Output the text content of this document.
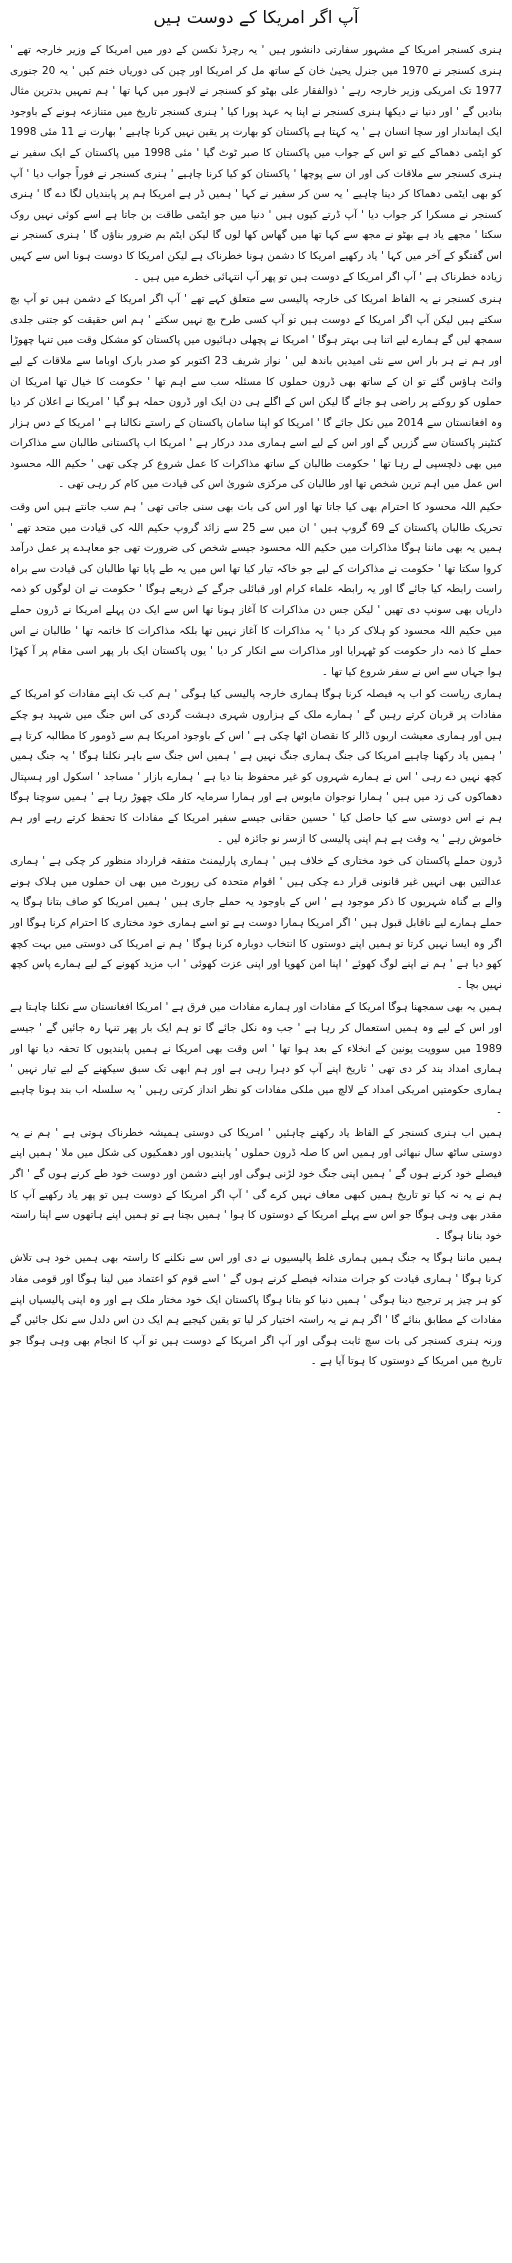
آپ اگر امریکا کے دوست ہیں

ہنری کسنجر امریکا کے مشہور سفارتی دانشور ہیں ' یہ رچرڈ نکسن کے دور میں امریکا کے وزیر خارجہ تھے ' ہنری کسنجر نے 1970 میں جنرل یحییٰ خان کے ساتھ مل کر امریکا اور چین کی دوریاں ختم کیں ' یہ 20 جنوری 1977 تک امریکی وزیر خارجہ رہے ' ذوالفقار علی بھٹو کو کسنجر نے لاہور میں کہا تھا ' ہم تمہیں بدترین مثال بنادیں گے ' اور دنیا نے دیکھا ہنری کسنجر نے اپنا یہ عہد پورا کیا ' ہنری کسنجر تاریخ میں متنازعہ ہونے کے باوجود ایک ایماندار اور سچا انسان ہے ' یہ کہتا ہے پاکستان کو بھارت پر یقین نہیں کرنا چاہیے ' بھارت نے 11 مئی 1998 کو ایٹمی دھماکے کیے تو اس کے جواب میں پاکستان کا صبر ٹوٹ گیا ' مئی 1998 میں پاکستان کے ایک سفیر نے ہنری کسنجر سے ملاقات کی اور ان سے پوچھا ' پاکستان کو کیا کرنا چاہیے ' ہنری کسنجر نے فوراً جواب دیا ' آپ کو بھی ایٹمی دھماکا کر دینا چاہیے ' یہ سن کر سفیر نے کہا ' ہمیں ڈر ہے امریکا ہم پر پابندیاں لگا دے گا ' ہنری کسنجر نے مسکرا کر جواب دیا ' آپ ڈرتے کیوں ہیں ' دنیا میں جو ایٹمی طاقت بن جاتا ہے اسے کوئی نہیں روک سکتا ' مجھے یاد ہے بھٹو نے مجھ سے کہا تھا میں گھاس کھا لوں گا لیکن ایٹم بم ضرور بناؤں گا ' ہنری کسنجر نے اس گفتگو کے آخر میں کہا ' یاد رکھیے امریکا کا دشمن ہونا خطرناک ہے لیکن امریکا کا دوست ہونا اس سے کہیں زیادہ خطرناک ہے ' آپ اگر امریکا کے دوست ہیں تو پھر آپ انتہائی خطرے میں ہیں ۔

ہنری کسنجر نے یہ الفاظ امریکا کی خارجہ پالیسی سے متعلق کہے تھے ' آپ اگر امریکا کے دشمن ہیں تو آپ بچ سکتے ہیں لیکن آپ اگر امریکا کے دوست ہیں تو آپ کسی طرح بچ نہیں سکتے ' ہم اس حقیقت کو جتنی جلدی سمجھ لیں گے ہمارے لیے اتنا ہی بہتر ہوگا ' امریکا نے پچھلی دہائیوں میں پاکستان کو مشکل وقت میں تنہا چھوڑا اور ہم نے ہر بار اس سے نئی امیدیں باندھ لیں ' نواز شریف 23 اکتوبر کو صدر بارک اوباما سے ملاقات کے لیے وائٹ ہاؤس گئے تو ان کے ساتھ بھی ڈرون حملوں کا مسئلہ سب سے اہم تھا ' حکومت کا خیال تھا امریکا ان حملوں کو روکنے پر راضی ہو جائے گا لیکن اس کے اگلے ہی دن ایک اور ڈرون حملہ ہو گیا ' امریکا نے اعلان کر دیا وہ افغانستان سے 2014 میں نکل جائے گا ' امریکا کو اپنا سامان پاکستان کے راستے نکالنا ہے ' امریکا کے دس ہزار کنٹینر پاکستان سے گزریں گے اور اس کے لیے اسے ہماری مدد درکار ہے ' امریکا اب پاکستانی طالبان سے مذاکرات میں بھی دلچسپی لے رہا تھا ' حکومت طالبان کے ساتھ مذاکرات کا عمل شروع کر چکی تھی ' حکیم اللہ محسود اس عمل میں اہم ترین شخص تھا اور طالبان کی مرکزی شوریٰ اس کی قیادت میں کام کر رہی تھی ۔

حکیم اللہ محسود کا احترام بھی کیا جاتا تھا اور اس کی بات بھی سنی جاتی تھی ' ہم سب جانتے ہیں اس وقت تحریک طالبان پاکستان کے 69 گروپ ہیں ' ان میں سے 25 سے زائد گروپ حکیم اللہ کی قیادت میں متحد تھے ' ہمیں یہ بھی ماننا ہوگا مذاکرات میں حکیم اللہ محسود جیسے شخص کی ضرورت تھی جو معاہدے پر عمل درآمد کروا سکتا تھا ' حکومت نے مذاکرات کے لیے جو خاکہ تیار کیا تھا اس میں یہ طے پایا تھا طالبان کی قیادت سے براہ راست رابطہ کیا جائے گا اور یہ رابطہ علماء کرام اور قبائلی جرگے کے ذریعے ہوگا ' حکومت نے ان لوگوں کو ذمہ داریاں بھی سونپ دی تھیں ' لیکن جس دن مذاکرات کا آغاز ہونا تھا اس سے ایک دن پہلے امریکا نے ڈرون حملے میں حکیم اللہ محسود کو ہلاک کر دیا ' یہ مذاکرات کا آغاز نہیں تھا بلکہ مذاکرات کا خاتمہ تھا ' طالبان نے اس حملے کا ذمہ دار حکومت کو ٹھہرایا اور مذاکرات سے انکار کر دیا ' یوں پاکستان ایک بار پھر اسی مقام پر آ کھڑا ہوا جہاں سے اس نے سفر شروع کیا تھا ۔

ہماری ریاست کو اب یہ فیصلہ کرنا ہوگا ہماری خارجہ پالیسی کیا ہوگی ' ہم کب تک اپنے مفادات کو امریکا کے مفادات پر قربان کرتے رہیں گے ' ہمارے ملک کے ہزاروں شہری دہشت گردی کی اس جنگ میں شہید ہو چکے ہیں اور ہماری معیشت اربوں ڈالر کا نقصان اٹھا چکی ہے ' اس کے باوجود امریکا ہم سے ڈومور کا مطالبہ کرتا ہے ' ہمیں یاد رکھنا چاہیے امریکا کی جنگ ہماری جنگ نہیں ہے ' ہمیں اس جنگ سے باہر نکلنا ہوگا ' یہ جنگ ہمیں کچھ نہیں دے رہی ' اس نے ہمارے شہروں کو غیر محفوظ بنا دیا ہے ' ہمارے بازار ' مساجد ' اسکول اور ہسپتال دھماکوں کی زد میں ہیں ' ہمارا نوجوان مایوس ہے اور ہمارا سرمایہ کار ملک چھوڑ رہا ہے ' ہمیں سوچنا ہوگا ہم نے اس دوستی سے کیا حاصل کیا ' حسین حقانی جیسے سفیر امریکا کے مفادات کا تحفظ کرتے رہے اور ہم خاموش رہے ' یہ وقت ہے ہم اپنی پالیسی کا ازسر نو جائزہ لیں ۔

ڈرون حملے پاکستان کی خود مختاری کے خلاف ہیں ' ہماری پارلیمنٹ متفقہ قرارداد منظور کر چکی ہے ' ہماری عدالتیں بھی انہیں غیر قانونی قرار دے چکی ہیں ' اقوام متحدہ کی رپورٹ میں بھی ان حملوں میں ہلاک ہونے والے بے گناہ شہریوں کا ذکر موجود ہے ' اس کے باوجود یہ حملے جاری ہیں ' ہمیں امریکا کو صاف بتانا ہوگا یہ حملے ہمارے لیے ناقابل قبول ہیں ' اگر امریکا ہمارا دوست ہے تو اسے ہماری خود مختاری کا احترام کرنا ہوگا اور اگر وہ ایسا نہیں کرتا تو ہمیں اپنے دوستوں کا انتخاب دوبارہ کرنا ہوگا ' ہم نے امریکا کی دوستی میں بہت کچھ کھو دیا ہے ' ہم نے اپنے لوگ کھوئے ' اپنا امن کھویا اور اپنی عزت کھوئی ' اب مزید کھونے کے لیے ہمارے پاس کچھ نہیں بچا ۔

ہمیں یہ بھی سمجھنا ہوگا امریکا کے مفادات اور ہمارے مفادات میں فرق ہے ' امریکا افغانستان سے نکلنا چاہتا ہے اور اس کے لیے وہ ہمیں استعمال کر رہا ہے ' جب وہ نکل جائے گا تو ہم ایک بار پھر تنہا رہ جائیں گے ' جیسے 1989 میں سوویت یونین کے انخلاء کے بعد ہوا تھا ' اس وقت بھی امریکا نے ہمیں پابندیوں کا تحفہ دیا تھا اور ہماری امداد بند کر دی تھی ' تاریخ اپنے آپ کو دہرا رہی ہے اور ہم ابھی تک سبق سیکھنے کے لیے تیار نہیں ' ہماری حکومتیں امریکی امداد کے لالچ میں ملکی مفادات کو نظر انداز کرتی رہیں ' یہ سلسلہ اب بند ہونا چاہیے ۔

ہمیں اب ہنری کسنجر کے الفاظ یاد رکھنے چاہئیں ' امریکا کی دوستی ہمیشہ خطرناک ہوتی ہے ' ہم نے یہ دوستی ساٹھ سال نبھائی اور ہمیں اس کا صلہ ڈرون حملوں ' پابندیوں اور دھمکیوں کی شکل میں ملا ' ہمیں اپنے فیصلے خود کرنے ہوں گے ' ہمیں اپنی جنگ خود لڑنی ہوگی اور اپنے دشمن اور دوست خود طے کرنے ہوں گے ' اگر ہم نے یہ نہ کیا تو تاریخ ہمیں کبھی معاف نہیں کرے گی ' آپ اگر امریکا کے دوست ہیں تو پھر یاد رکھیے آپ کا مقدر بھی وہی ہوگا جو اس سے پہلے امریکا کے دوستوں کا ہوا ' ہمیں بچنا ہے تو ہمیں اپنے ہاتھوں سے اپنا راستہ خود بنانا ہوگا ۔

ہمیں ماننا ہوگا یہ جنگ ہمیں ہماری غلط پالیسیوں نے دی اور اس سے نکلنے کا راستہ بھی ہمیں خود ہی تلاش کرنا ہوگا ' ہماری قیادت کو جرات مندانہ فیصلے کرنے ہوں گے ' اسے قوم کو اعتماد میں لینا ہوگا اور قومی مفاد کو ہر چیز پر ترجیح دینا ہوگی ' ہمیں دنیا کو بتانا ہوگا پاکستان ایک خود مختار ملک ہے اور وہ اپنی پالیسیاں اپنے مفادات کے مطابق بنائے گا ' اگر ہم نے یہ راستہ اختیار کر لیا تو یقین کیجیے ہم ایک دن اس دلدل سے نکل جائیں گے ورنہ ہنری کسنجر کی بات سچ ثابت ہوگی اور آپ اگر امریکا کے دوست ہیں تو آپ کا انجام بھی وہی ہوگا جو تاریخ میں امریکا کے دوستوں کا ہوتا آیا ہے ۔
